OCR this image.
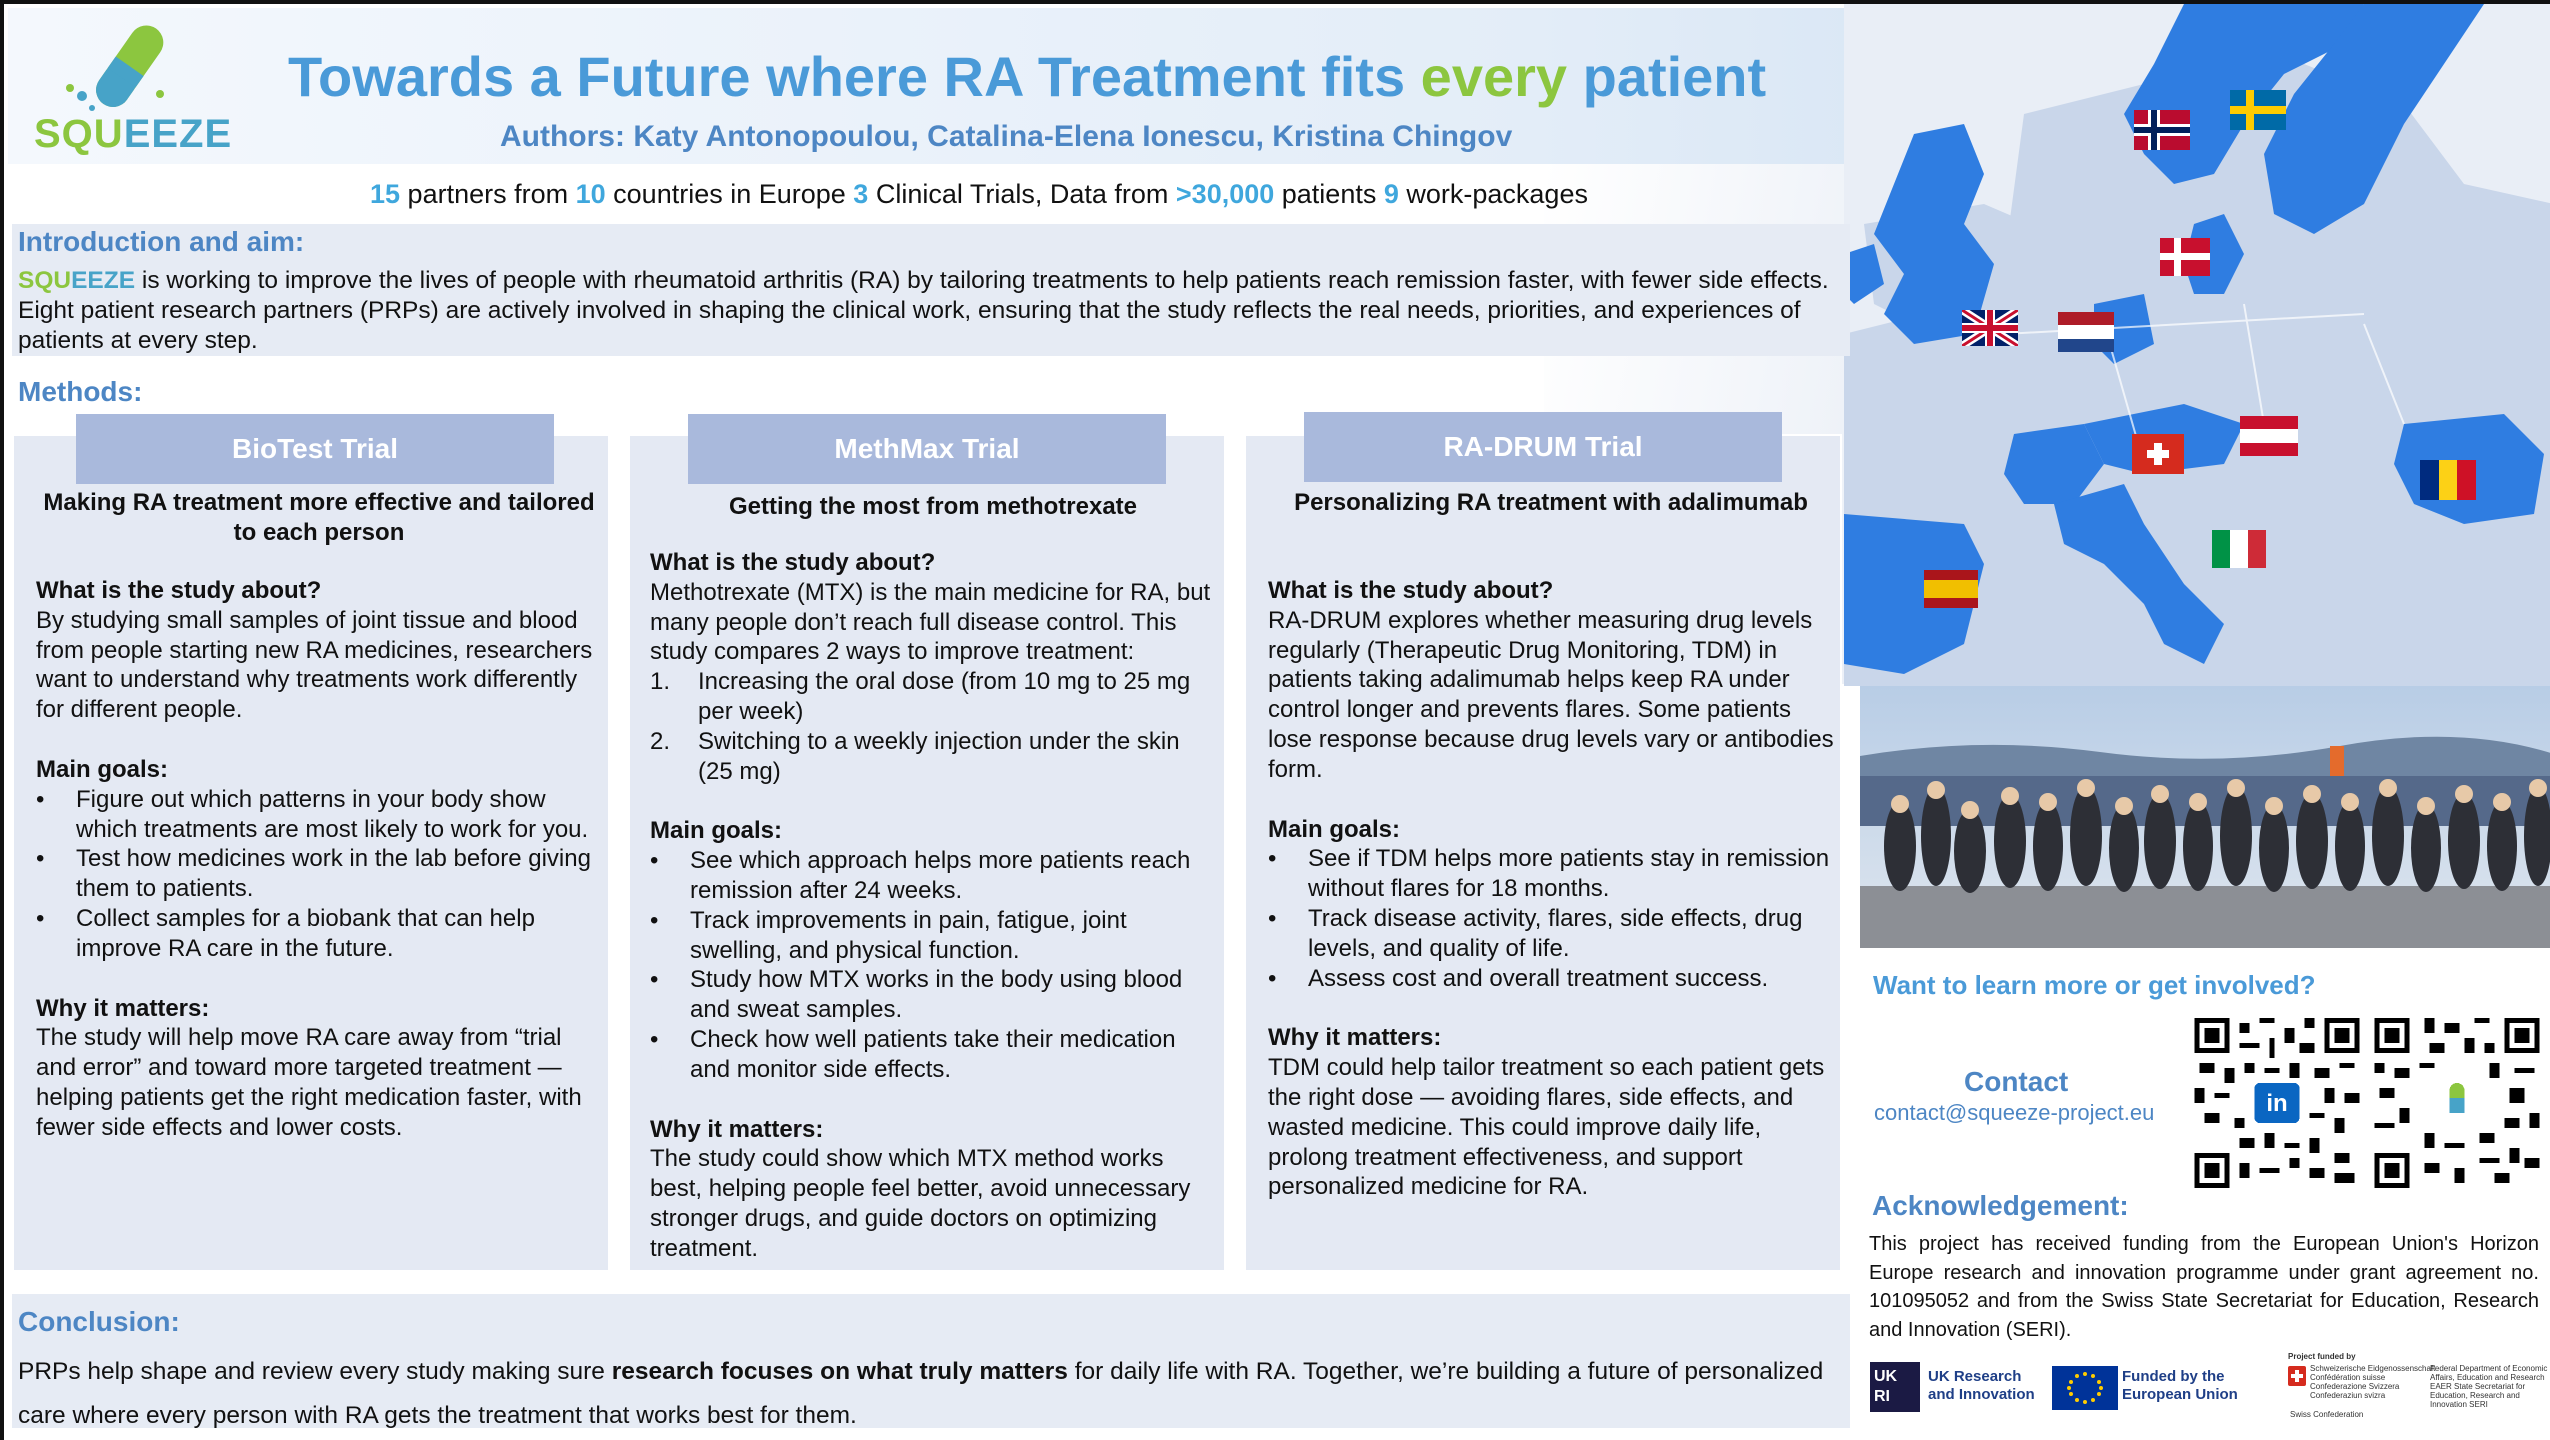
SQUEEZE
Towards a Future where RA Treatment fits every patient
Authors: Katy Antonopoulou, Catalina-Elena Ionescu, Kristina Chingov
15 partners from 10 countries in Europe 3 Clinical Trials, Data from >30,000 patients 9 work-packages
Introduction and aim:
SQUEEZE is working to improve the lives of people with rheumatoid arthritis (RA) by tailoring treatments to help patients reach remission faster, with fewer side effects. Eight patient research partners (PRPs) are actively involved in shaping the clinical work, ensuring that the study reflects the real needs, priorities, and experiences of patients at every step.
Methods:
BioTest Trial
Making RA treatment more effective and tailored to each person
What is the study about?

By studying small samples of joint tissue and blood from people starting new RA medicines, researchers want to understand why treatments work differently for different people.

Main goals:
• Figure out which patterns in your body show which treatments are most likely to work for you.
• Test how medicines work in the lab before giving them to patients.
• Collect samples for a biobank that can help improve RA care in the future.
Why it matters:

The study will help move RA care away from “trial and error” and toward more targeted treatment — helping patients get the right medication faster, with fewer side effects and lower costs.

MethMax Trial
Getting the most from methotrexate
What is the study about?

Methotrexate (MTX) is the main medicine for RA, but many people don’t reach full disease control. This study compares 2 ways to improve treatment:

1. Increasing the oral dose (from 10 mg to 25 mg per week)
2. Switching to a weekly injection under the skin (25 mg)
Main goals:
• See which approach helps more patients reach remission after 24 weeks.
• Track improvements in pain, fatigue, joint swelling, and physical function.
• Study how MTX works in the body using blood and sweat samples.
• Check how well patients take their medication and monitor side effects.
Why it matters:

The study could show which MTX method works best, helping people feel better, avoid unnecessary stronger drugs, and guide doctors on optimizing treatment.

RA-DRUM Trial
Personalizing RA treatment with adalimumab
What is the study about?

RA-DRUM explores whether measuring drug levels regularly (Therapeutic Drug Monitoring, TDM) in patients taking adalimumab helps keep RA under control longer and prevents flares. Some patients lose response because drug levels vary or antibodies form.

Main goals:
• See if TDM helps more patients stay in remission without flares for 18 months.
• Track disease activity, flares, side effects, drug levels, and quality of life.
• Assess cost and overall treatment success.
Why it matters:

TDM could help tailor treatment so each patient gets the right dose — avoiding flares, side effects, and wasted medicine. This could improve daily life, prolong treatment effectiveness, and support personalized medicine for RA.

Want to learn more or get involved?
Contact
contact@squeeze-project.eu	in
Acknowledgement:
This project has received funding from the European Union's Horizon Europe research and innovation programme under grant agreement no. 101095052 and from the Swiss State Secretariat for Education, Research and Innovation (SERI).
Conclusion:
PRPs help shape and review every study making sure research focuses on what truly matters for daily life with RA. Together, we’re building a future of personalized care where every person with RA gets the treatment that works best for them.
UK RI
UK Research and Innovation
Funded by the European Union
Project funded by
Schweizerische Eidgenossenschaft Confédération suisse Confederazione Svizzera Confederaziun svizra
Swiss Confederation
Federal Department of Economic Affairs, Education and Research EAER State Secretariat for Education, Research and Innovation SERI
